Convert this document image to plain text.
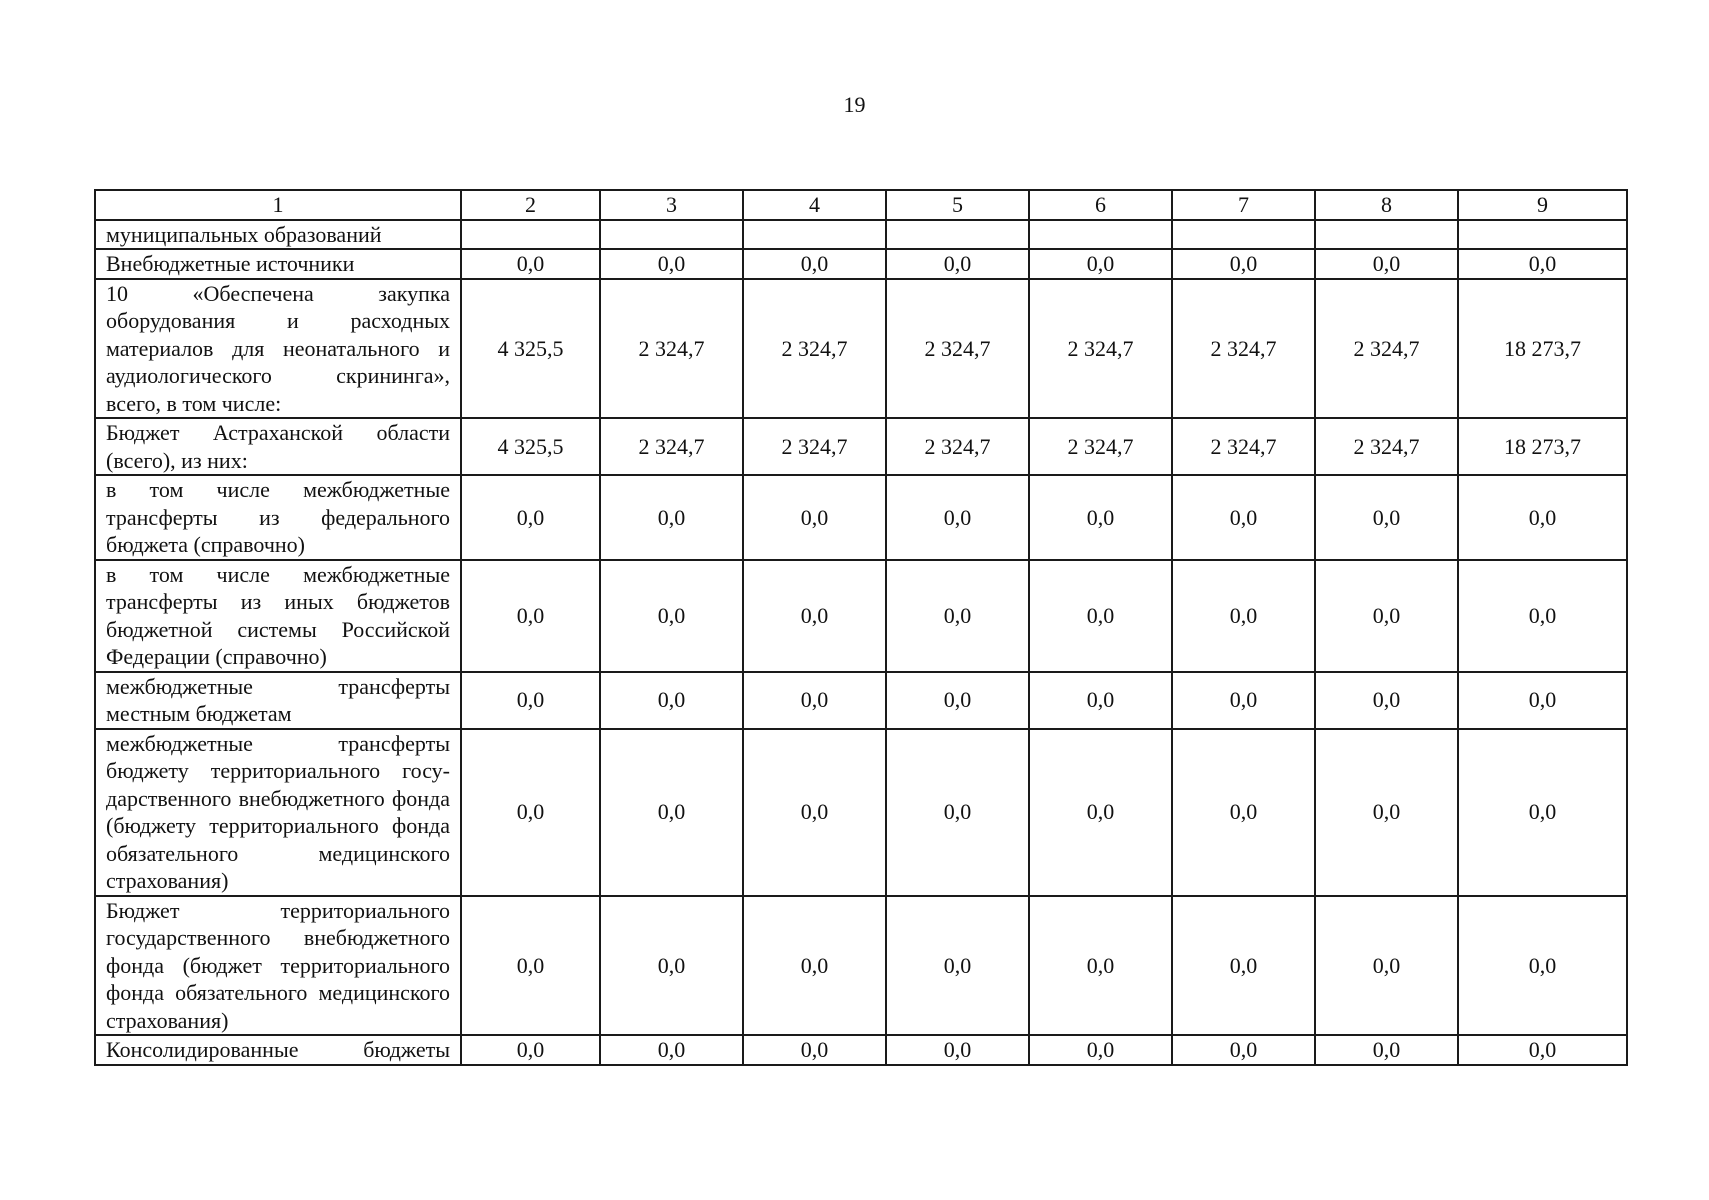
19
1	2	3	4	5	6	7	8	9
муниципальных образований								
Внебюджетные источники	0,0	0,0	0,0	0,0	0,0	0,0	0,0	0,0
10 «Обеспечена закупка оборудования и расходных материалов для неонатального и аудиологического скрининга», всего, в том числе:	4 325,5	2 324,7	2 324,7	2 324,7	2 324,7	2 324,7	2 324,7	18 273,7
Бюджет Астраханской области (всего), из них:	4 325,5	2 324,7	2 324,7	2 324,7	2 324,7	2 324,7	2 324,7	18 273,7
в том числе межбюджетные трансферты из федерального бюджета (справочно)	0,0	0,0	0,0	0,0	0,0	0,0	0,0	0,0
в том числе межбюджетные трансферты из иных бюджетов бюджетной системы Российской Федерации (справочно)	0,0	0,0	0,0	0,0	0,0	0,0	0,0	0,0
межбюджетные трансферты местным бюджетам	0,0	0,0	0,0	0,0	0,0	0,0	0,0	0,0
межбюджетные трансферты бюджету территориального госу-дарственного внебюджетного фонда (бюджету территориального фонда обязательного медицинского страхования)	0,0	0,0	0,0	0,0	0,0	0,0	0,0	0,0
Бюджет территориального государственного внебюджетного фонда (бюджет территориального фонда обязательного медицинского страхования)	0,0	0,0	0,0	0,0	0,0	0,0	0,0	0,0
Консолидированные бюджеты	0,0	0,0	0,0	0,0	0,0	0,0	0,0	0,0
